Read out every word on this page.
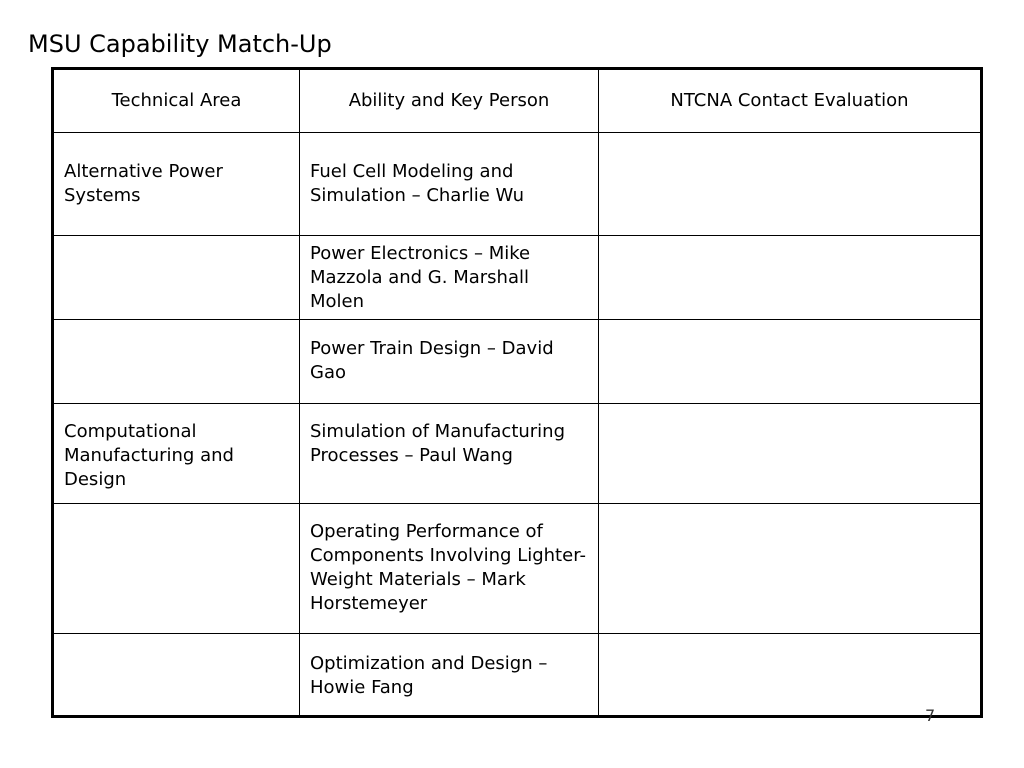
MSU Capability Match-Up
Technical Area	Ability and Key Person	NTCNA Contact Evaluation

Alternative Power Systems	Fuel Cell Modeling and Simulation – Charlie Wu	

	Power Electronics – Mike Mazzola and G. Marshall Molen	

	Power Train Design – David Gao	

Computational Manufacturing and Design	Simulation of Manufacturing Processes – Paul Wang	

	Operating Performance of Components Involving Lighter-Weight Materials – Mark Horstemeyer	

	Optimization and Design – Howie Fang	

7
